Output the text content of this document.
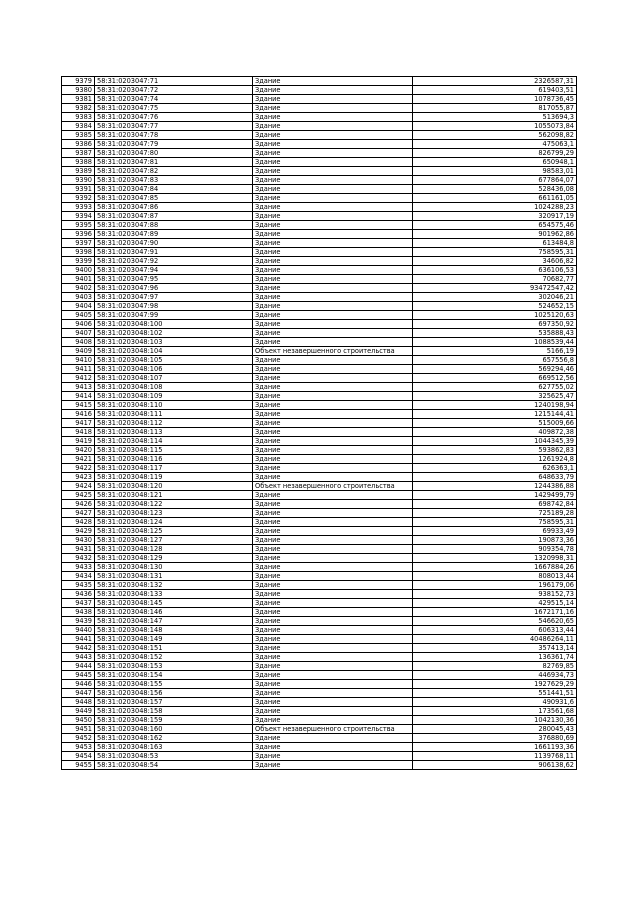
9379	58:31:0203047:71	Здание	2326587,31
9380	58:31:0203047:72	Здание	619403,51
9381	58:31:0203047:74	Здание	1078736,45
9382	58:31:0203047:75	Здание	817055,87
9383	58:31:0203047:76	Здание	513694,3
9384	58:31:0203047:77	Здание	1055073,84
9385	58:31:0203047:78	Здание	562098,82
9386	58:31:0203047:79	Здание	475063,1
9387	58:31:0203047:80	Здание	826799,29
9388	58:31:0203047:81	Здание	650948,1
9389	58:31:0203047:82	Здание	98583,01
9390	58:31:0203047:83	Здание	677864,07
9391	58:31:0203047:84	Здание	528436,08
9392	58:31:0203047:85	Здание	661161,05
9393	58:31:0203047:86	Здание	1024288,23
9394	58:31:0203047:87	Здание	320917,19
9395	58:31:0203047:88	Здание	654575,46
9396	58:31:0203047:89	Здание	901962,86
9397	58:31:0203047:90	Здание	613484,8
9398	58:31:0203047:91	Здание	758595,31
9399	58:31:0203047:92	Здание	34606,82
9400	58:31:0203047:94	Здание	636106,53
9401	58:31:0203047:95	Здание	70682,77
9402	58:31:0203047:96	Здание	93472547,42
9403	58:31:0203047:97	Здание	302046,21
9404	58:31:0203047:98	Здание	524652,15
9405	58:31:0203047:99	Здание	1025120,63
9406	58:31:0203048:100	Здание	697350,92
9407	58:31:0203048:102	Здание	535888,43
9408	58:31:0203048:103	Здание	1088539,44
9409	58:31:0203048:104	Объект незавершенного строительства	5166,19
9410	58:31:0203048:105	Здание	657556,8
9411	58:31:0203048:106	Здание	569294,46
9412	58:31:0203048:107	Здание	669512,56
9413	58:31:0203048:108	Здание	627755,02
9414	58:31:0203048:109	Здание	325625,47
9415	58:31:0203048:110	Здание	1240198,94
9416	58:31:0203048:111	Здание	1215144,41
9417	58:31:0203048:112	Здание	515009,66
9418	58:31:0203048:113	Здание	409872,38
9419	58:31:0203048:114	Здание	1044345,39
9420	58:31:0203048:115	Здание	593862,83
9421	58:31:0203048:116	Здание	1261924,8
9422	58:31:0203048:117	Здание	626363,1
9423	58:31:0203048:119	Здание	648633,79
9424	58:31:0203048:120	Объект незавершенного строительства	1244386,88
9425	58:31:0203048:121	Здание	1429499,79
9426	58:31:0203048:122	Здание	698742,84
9427	58:31:0203048:123	Здание	725189,28
9428	58:31:0203048:124	Здание	758595,31
9429	58:31:0203048:125	Здание	69933,49
9430	58:31:0203048:127	Здание	190873,36
9431	58:31:0203048:128	Здание	909354,78
9432	58:31:0203048:129	Здание	1320998,31
9433	58:31:0203048:130	Здание	1667884,26
9434	58:31:0203048:131	Здание	808013,44
9435	58:31:0203048:132	Здание	196179,06
9436	58:31:0203048:133	Здание	938152,73
9437	58:31:0203048:145	Здание	429515,14
9438	58:31:0203048:146	Здание	1672171,16
9439	58:31:0203048:147	Здание	546620,65
9440	58:31:0203048:148	Здание	606313,44
9441	58:31:0203048:149	Здание	40486264,11
9442	58:31:0203048:151	Здание	357413,14
9443	58:31:0203048:152	Здание	136361,74
9444	58:31:0203048:153	Здание	82769,85
9445	58:31:0203048:154	Здание	446934,73
9446	58:31:0203048:155	Здание	1927629,29
9447	58:31:0203048:156	Здание	551441,51
9448	58:31:0203048:157	Здание	490931,6
9449	58:31:0203048:158	Здание	173561,68
9450	58:31:0203048:159	Здание	1042130,36
9451	58:31:0203048:160	Объект незавершенного строительства	280045,43
9452	58:31:0203048:162	Здание	376880,69
9453	58:31:0203048:163	Здание	1661193,36
9454	58:31:0203048:53	Здание	1139768,11
9455	58:31:0203048:54	Здание	906138,62
